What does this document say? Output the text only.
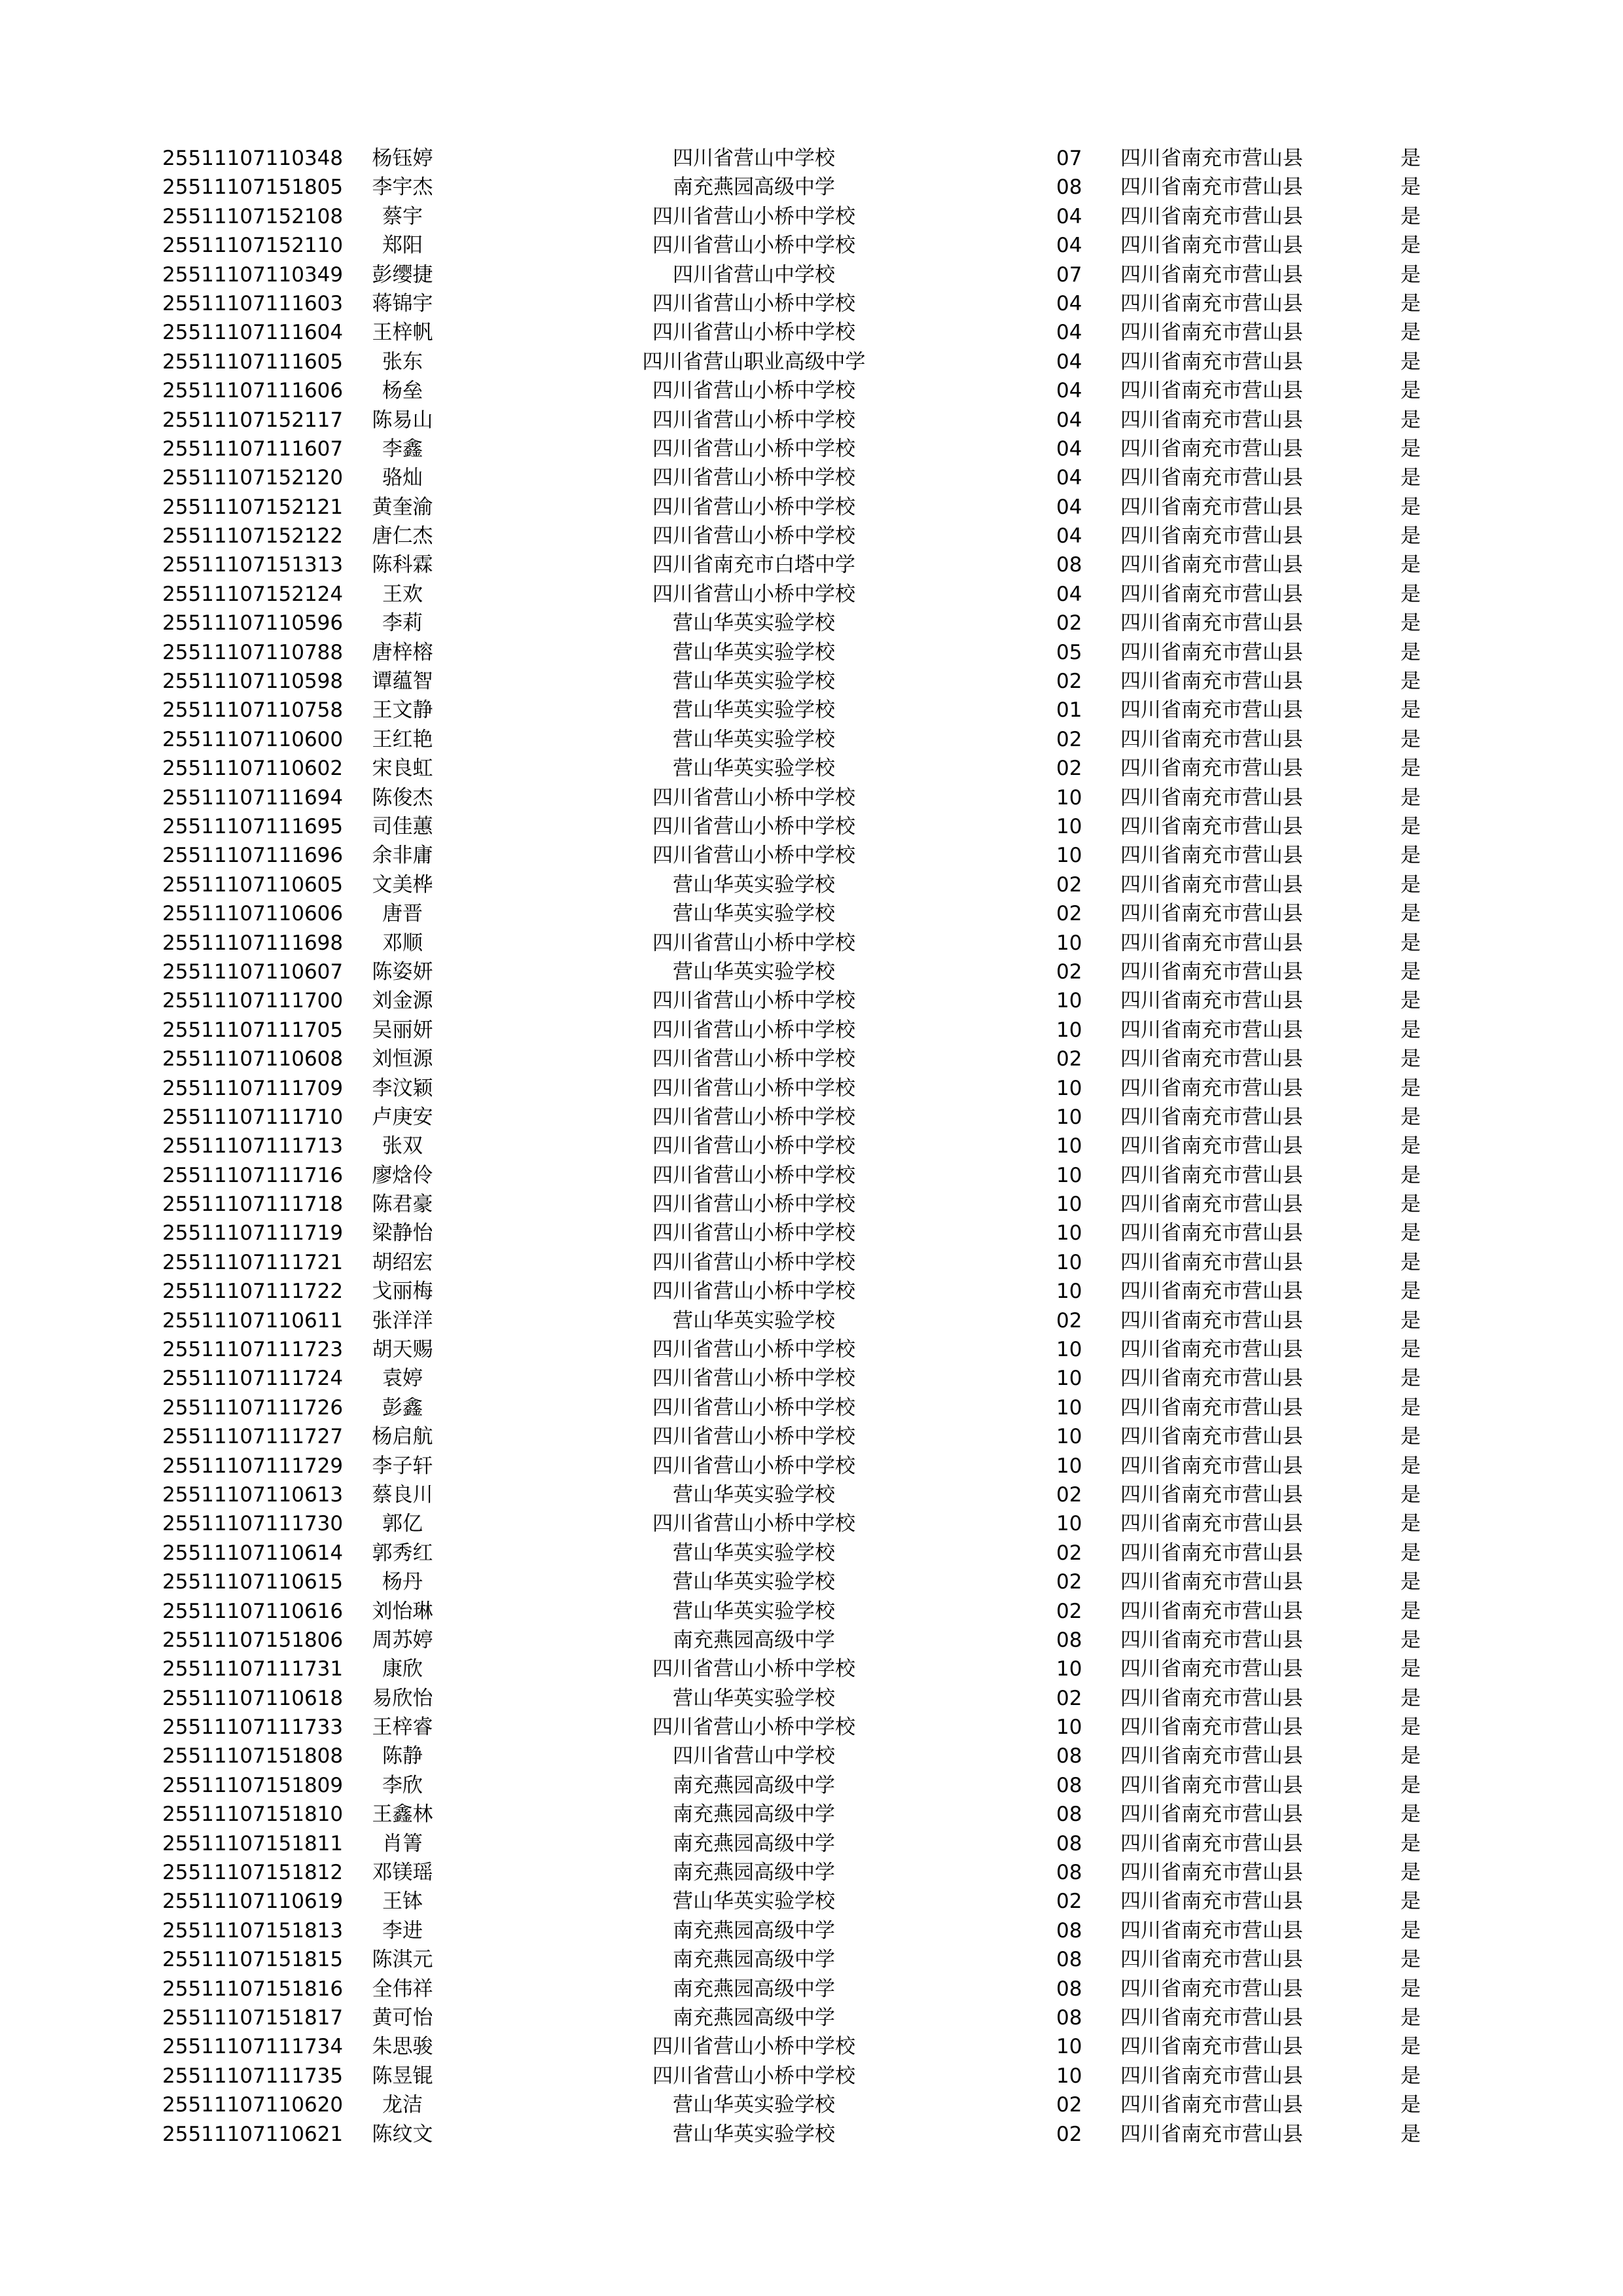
25511107110348 杨钰婷	四川省营山中学校	07 四川省南充市营山县	是
25511107151805 李宇杰	南充燕园高级中学	08 四川省南充市营山县	是
25511107152108 蔡宇	四川省营山小桥中学校	04 四川省南充市营山县	是
25511107152110 郑阳	四川省营山小桥中学校	04 四川省南充市营山县	是
25511107110349 彭缨捷	四川省营山中学校	07 四川省南充市营山县	是
25511107111603 蒋锦宇	四川省营山小桥中学校	04 四川省南充市营山县	是
25511107111604 王梓帆	四川省营山小桥中学校	04 四川省南充市营山县	是
25511107111605 张东	四川省营山职业高级中学	04 四川省南充市营山县	是
25511107111606 杨垒	四川省营山小桥中学校	04 四川省南充市营山县	是
25511107152117 陈易山	四川省营山小桥中学校	04 四川省南充市营山县	是
25511107111607 李鑫	四川省营山小桥中学校	04 四川省南充市营山县	是
25511107152120 骆灿	四川省营山小桥中学校	04 四川省南充市营山县	是
25511107152121 黄奎渝	四川省营山小桥中学校	04 四川省南充市营山县	是
25511107152122 唐仁杰	四川省营山小桥中学校	04 四川省南充市营山县	是
25511107151313 陈科霖	四川省南充市白塔中学	08 四川省南充市营山县	是
25511107152124 王欢	四川省营山小桥中学校	04 四川省南充市营山县	是
25511107110596 李莉	营山华英实验学校	02 四川省南充市营山县	是
25511107110788 唐梓榕	营山华英实验学校	05 四川省南充市营山县	是
25511107110598 谭蕴智	营山华英实验学校	02 四川省南充市营山县	是
25511107110758 王文静	营山华英实验学校	01 四川省南充市营山县	是
25511107110600 王红艳	营山华英实验学校	02 四川省南充市营山县	是
25511107110602 宋良虹	营山华英实验学校	02 四川省南充市营山县	是
25511107111694 陈俊杰	四川省营山小桥中学校	10 四川省南充市营山县	是
25511107111695 司佳蕙	四川省营山小桥中学校	10 四川省南充市营山县	是
25511107111696 余非庸	四川省营山小桥中学校	10 四川省南充市营山县	是
25511107110605 文美桦	营山华英实验学校	02 四川省南充市营山县	是
25511107110606 唐晋	营山华英实验学校	02 四川省南充市营山县	是
25511107111698 邓顺	四川省营山小桥中学校	10 四川省南充市营山县	是
25511107110607 陈姿妍	营山华英实验学校	02 四川省南充市营山县	是
25511107111700 刘金源	四川省营山小桥中学校	10 四川省南充市营山县	是
25511107111705 吴丽妍	四川省营山小桥中学校	10 四川省南充市营山县	是
25511107110608 刘恒源	四川省营山小桥中学校	02 四川省南充市营山县	是
25511107111709 李汶颖	四川省营山小桥中学校	10 四川省南充市营山县	是
25511107111710 卢庚安	四川省营山小桥中学校	10 四川省南充市营山县	是
25511107111713 张双	四川省营山小桥中学校	10 四川省南充市营山县	是
25511107111716 廖焓伶	四川省营山小桥中学校	10 四川省南充市营山县	是
25511107111718 陈君豪	四川省营山小桥中学校	10 四川省南充市营山县	是
25511107111719 梁静怡	四川省营山小桥中学校	10 四川省南充市营山县	是
25511107111721 胡绍宏	四川省营山小桥中学校	10 四川省南充市营山县	是
25511107111722 戈丽梅	四川省营山小桥中学校	10 四川省南充市营山县	是
25511107110611 张洋洋	营山华英实验学校	02 四川省南充市营山县	是
25511107111723 胡天赐	四川省营山小桥中学校	10 四川省南充市营山县	是
25511107111724 袁婷	四川省营山小桥中学校	10 四川省南充市营山县	是
25511107111726 彭鑫	四川省营山小桥中学校	10 四川省南充市营山县	是
25511107111727 杨启航	四川省营山小桥中学校	10 四川省南充市营山县	是
25511107111729 李子轩	四川省营山小桥中学校	10 四川省南充市营山县	是
25511107110613 蔡良川	营山华英实验学校	02 四川省南充市营山县	是
25511107111730 郭亿	四川省营山小桥中学校	10 四川省南充市营山县	是
25511107110614 郭秀红	营山华英实验学校	02 四川省南充市营山县	是
25511107110615 杨丹	营山华英实验学校	02 四川省南充市营山县	是
25511107110616 刘怡琳	营山华英实验学校	02 四川省南充市营山县	是
25511107151806 周苏婷	南充燕园高级中学	08 四川省南充市营山县	是
25511107111731 康欣	四川省营山小桥中学校	10 四川省南充市营山县	是
25511107110618 易欣怡	营山华英实验学校	02 四川省南充市营山县	是
25511107111733 王梓睿	四川省营山小桥中学校	10 四川省南充市营山县	是
25511107151808 陈静	四川省营山中学校	08 四川省南充市营山县	是
25511107151809 李欣	南充燕园高级中学	08 四川省南充市营山县	是
25511107151810 王鑫林	南充燕园高级中学	08 四川省南充市营山县	是
25511107151811 肖箐	南充燕园高级中学	08 四川省南充市营山县	是
25511107151812 邓镁瑶	南充燕园高级中学	08 四川省南充市营山县	是
25511107110619 王钵	营山华英实验学校	02 四川省南充市营山县	是
25511107151813 李进	南充燕园高级中学	08 四川省南充市营山县	是
25511107151815 陈淇元	南充燕园高级中学	08 四川省南充市营山县	是
25511107151816 全伟祥	南充燕园高级中学	08 四川省南充市营山县	是
25511107151817 黄可怡	南充燕园高级中学	08 四川省南充市营山县	是
25511107111734 朱思骏	四川省营山小桥中学校	10 四川省南充市营山县	是
25511107111735 陈昱锟	四川省营山小桥中学校	10 四川省南充市营山县	是
25511107110620 龙洁	营山华英实验学校	02 四川省南充市营山县	是
25511107110621 陈纹文	营山华英实验学校	02 四川省南充市营山县	是
